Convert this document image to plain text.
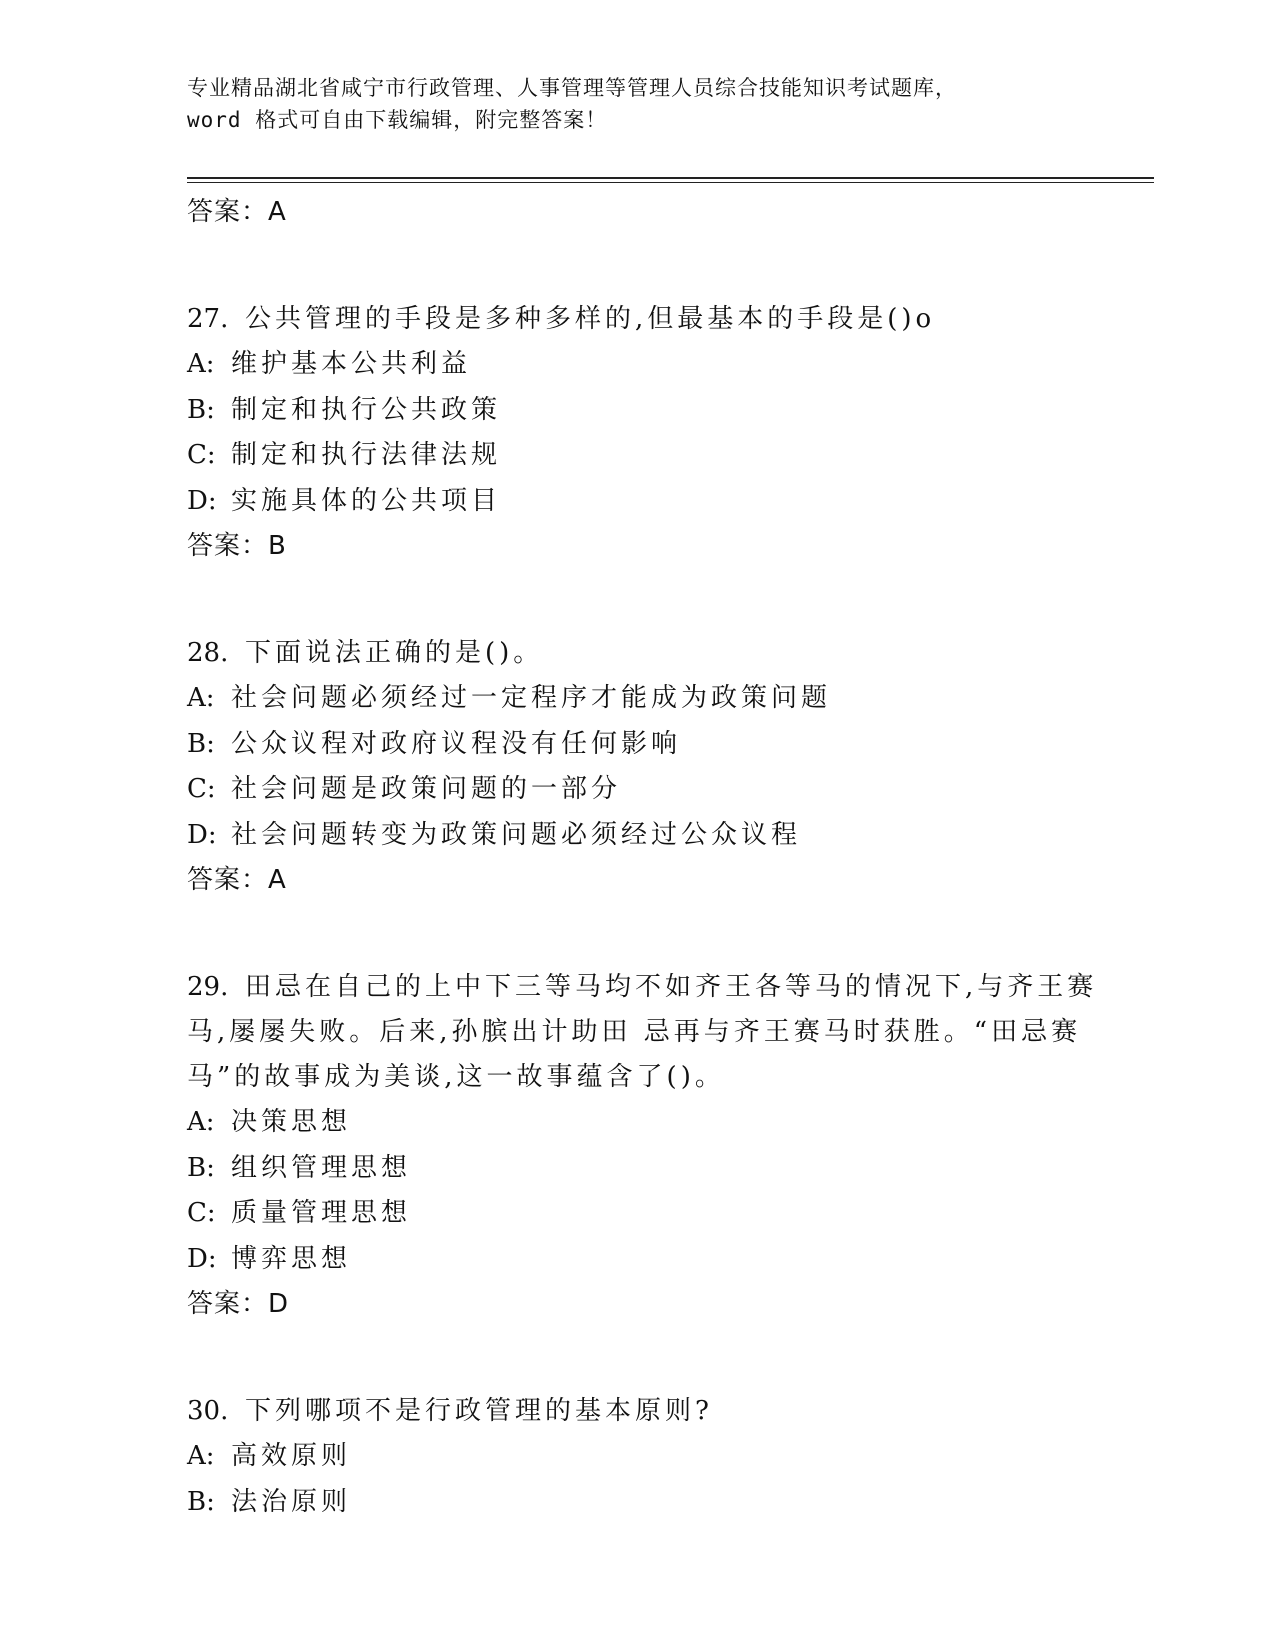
专业精品湖北省咸宁市行政管理、人事管理等管理人员综合技能知识考试题库，
word 格式可自由下载编辑，附完整答案！
答案：A
27. 公共管理的手段是多种多样的,但最基本的手段是()o
A: 维护基本公共利益
B: 制定和执行公共政策
C: 制定和执行法律法规
D: 实施具体的公共项目
答案：B
28. 下面说法正确的是()。
A: 社会问题必须经过一定程序才能成为政策问题
B: 公众议程对政府议程没有任何影响
C: 社会问题是政策问题的一部分
D: 社会问题转变为政策问题必须经过公众议程
答案：A
29. 田忌在自己的上中下三等马均不如齐王各等马的情况下,与齐王赛
马,屡屡失败。后来,孙膑出计助田 忌再与齐王赛马时获胜。“田忌赛
马”的故事成为美谈,这一故事蕴含了()。
A: 决策思想
B: 组织管理思想
C: 质量管理思想
D: 博弈思想
答案：D
30. 下列哪项不是行政管理的基本原则?
A: 高效原则
B: 法治原则
